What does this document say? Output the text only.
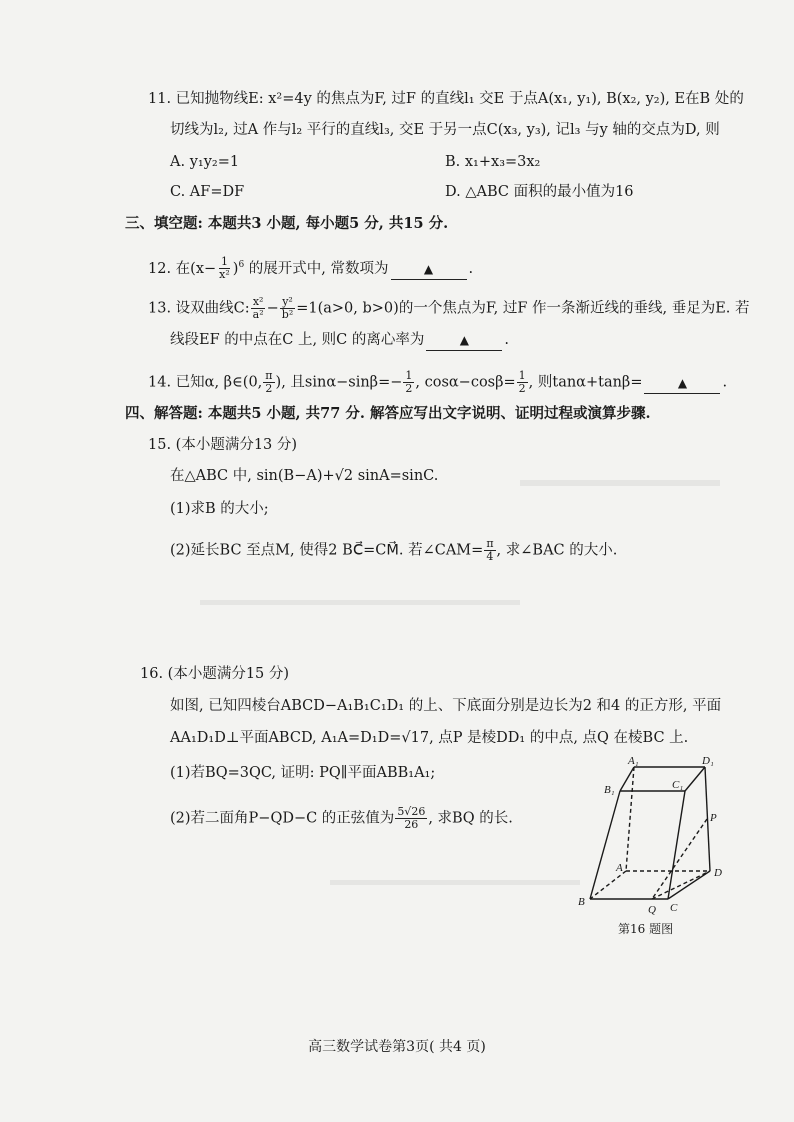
11. 已知抛物线E: x²=4y 的焦点为F, 过F 的直线l₁ 交E 于点A(x₁, y₁), B(x₂, y₂), E在B 处的
切线为l₂, 过A 作与l₂ 平行的直线l₃, 交E 于另一点C(x₃, y₃), 记l₃ 与y 轴的交点为D, 则
A. y₁y₂=1	B. x₁+x₃=3x₂
C. AF=DF	D. △ABC 面积的最小值为16
三、填空题: 本题共3 小题, 每小题5 分, 共15 分.
12. 在$(x- \frac{1}{\text{x²}} )^6$ 的展开式中, 常数项为	▲ .
13. 设双曲线C: $\frac{\text{x²}}{\text{a²}} - \frac{\text{y²}}{\text{b²}} =1(a>0$, b>0)的一个焦点为F, 过F 作一条渐近线的垂线, 垂足为E. 若
线段EF 的中点在C 上, 则C 的离心率为	▲ .
14. 已知α, β∈(0, $\frac{\pi}{2}$ ), 且$\sin\alpha-\sin\beta=- \frac{1}{2}$ , $\cos\alpha-\cos\beta= \frac{1}{2}$ , 则tanα+tanβ=	▲ .
四、解答题: 本题共5 小题, 共77 分. 解答应写出文字说明、证明过程或演算步骤.
15. (本小题满分13 分)
在△ABC 中, sin(B−A)+√2 sinA=sinC.
(1)求B 的大小;
(2)延长BC 至点M, 使得2 BC⃗=CM⃗. 若∠CAM= $\frac{\pi}{4}$ , 求∠BAC 的大小.
16. (本小题满分15 分)
如图, 已知四棱台ABCD−A₁B₁C₁D₁ 的上、下底面分别是边长为2 和4 的正方形, 平面
AA₁D₁D⊥平面ABCD, A₁A=D₁D=√17, 点P 是棱DD₁ 的中点, 点Q 在棱BC 上.
(1)若BQ=3QC, 证明: PQ∥平面ABB₁A₁;
(2)若二面角P−QD−C 的正弦值为 $\frac{5√26}{26}$ , 求BQ 的长.
A₁	D₁
B₁	C₁
P
A	D
B
Q C
第16 题图
高三数学试卷第3页( 共4 页)
